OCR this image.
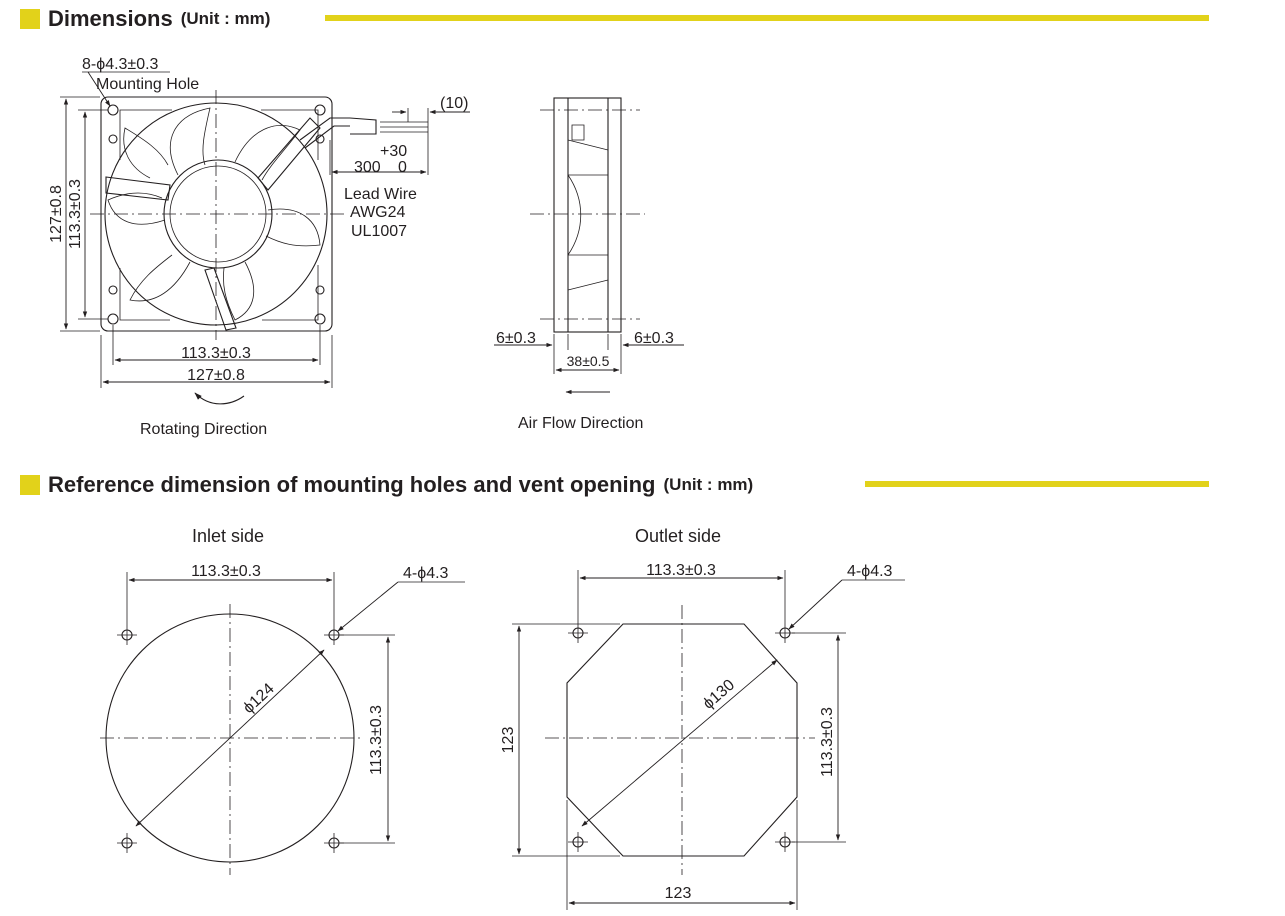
Dimensions (Unit : mm)
Reference dimension of mounting holes and vent opening (Unit : mm)
8-ϕ4.3±0.3
Mounting Hole
127±0.8 113.3±0.3
113.3±0.3
127±0.8
(10)
+30
300 0
Lead Wire
AWG24
UL1007
Rotating Direction
6±0.3	6±0.3
38±0.5
Air Flow Direction
Inlet side
113.3±0.3	4-ϕ4.3
ϕ124
113.3±0.3
Outlet side
113.3±0.3	4-ϕ4.3
ϕ130
123	113.3±0.3
123
